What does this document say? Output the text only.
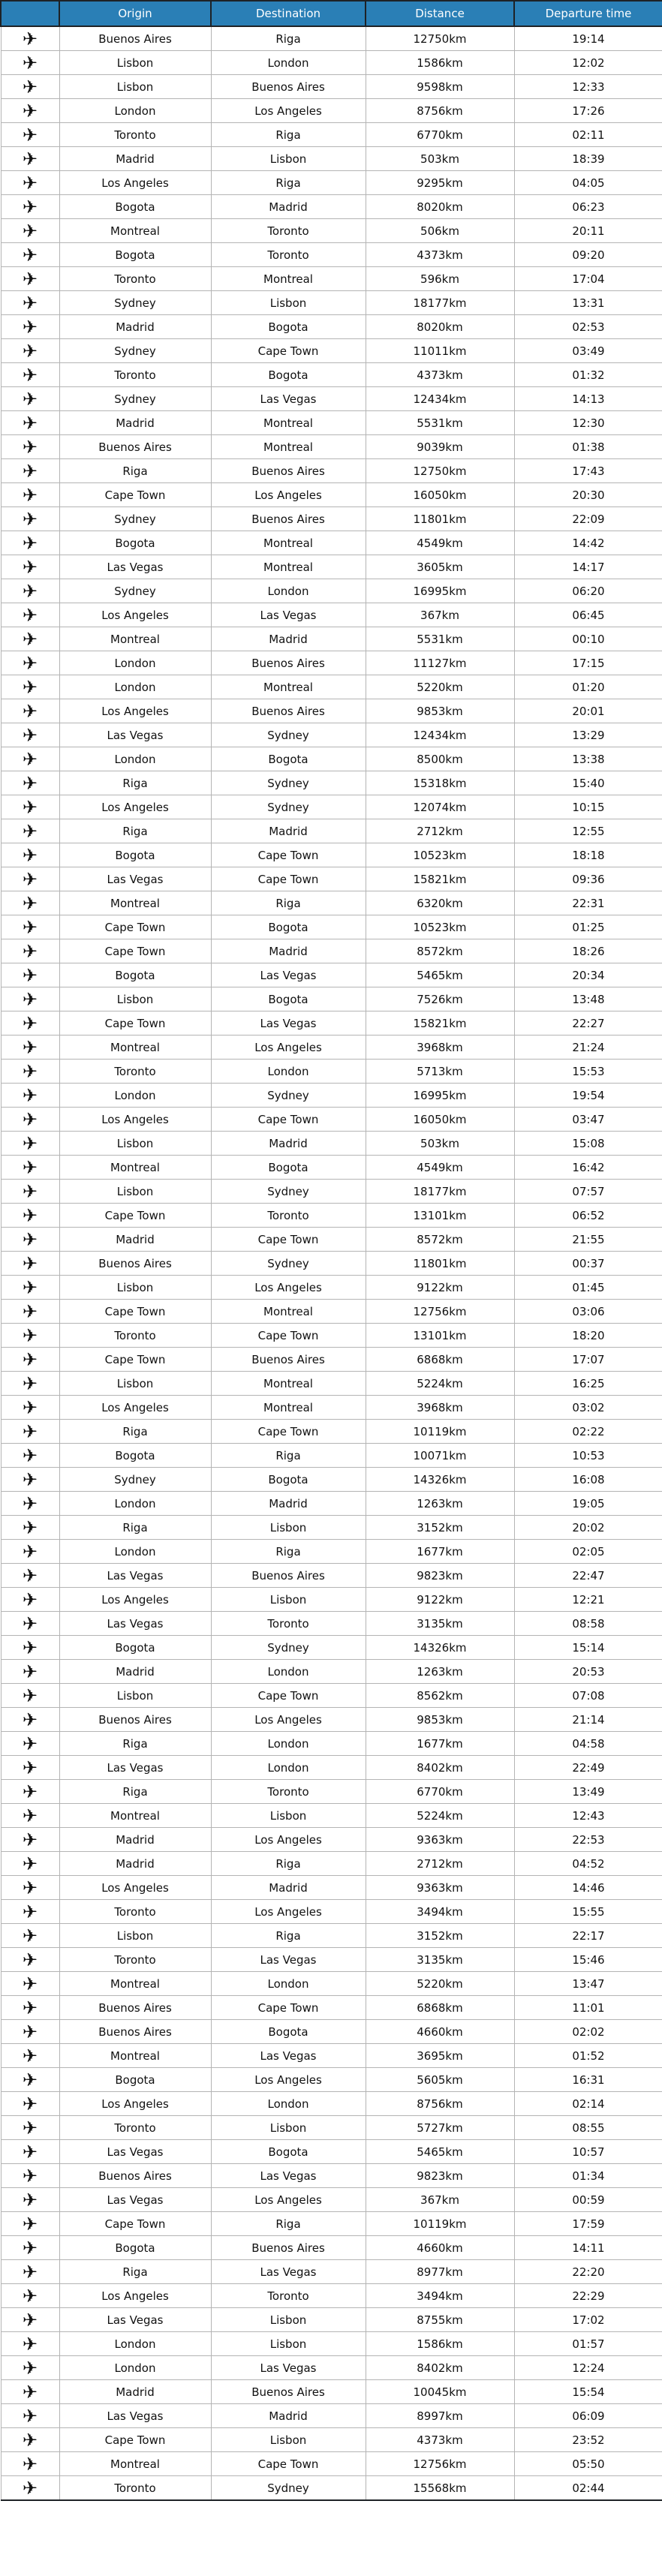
	Origin	Destination	Distance	Departure time
✈	Buenos Aires	Riga	12750km	19:14
✈	Lisbon	London	1586km	12:02
✈	Lisbon	Buenos Aires	9598km	12:33
✈	London	Los Angeles	8756km	17:26
✈	Toronto	Riga	6770km	02:11
✈	Madrid	Lisbon	503km	18:39
✈	Los Angeles	Riga	9295km	04:05
✈	Bogota	Madrid	8020km	06:23
✈	Montreal	Toronto	506km	20:11
✈	Bogota	Toronto	4373km	09:20
✈	Toronto	Montreal	596km	17:04
✈	Sydney	Lisbon	18177km	13:31
✈	Madrid	Bogota	8020km	02:53
✈	Sydney	Cape Town	11011km	03:49
✈	Toronto	Bogota	4373km	01:32
✈	Sydney	Las Vegas	12434km	14:13
✈	Madrid	Montreal	5531km	12:30
✈	Buenos Aires	Montreal	9039km	01:38
✈	Riga	Buenos Aires	12750km	17:43
✈	Cape Town	Los Angeles	16050km	20:30
✈	Sydney	Buenos Aires	11801km	22:09
✈	Bogota	Montreal	4549km	14:42
✈	Las Vegas	Montreal	3605km	14:17
✈	Sydney	London	16995km	06:20
✈	Los Angeles	Las Vegas	367km	06:45
✈	Montreal	Madrid	5531km	00:10
✈	London	Buenos Aires	11127km	17:15
✈	London	Montreal	5220km	01:20
✈	Los Angeles	Buenos Aires	9853km	20:01
✈	Las Vegas	Sydney	12434km	13:29
✈	London	Bogota	8500km	13:38
✈	Riga	Sydney	15318km	15:40
✈	Los Angeles	Sydney	12074km	10:15
✈	Riga	Madrid	2712km	12:55
✈	Bogota	Cape Town	10523km	18:18
✈	Las Vegas	Cape Town	15821km	09:36
✈	Montreal	Riga	6320km	22:31
✈	Cape Town	Bogota	10523km	01:25
✈	Cape Town	Madrid	8572km	18:26
✈	Bogota	Las Vegas	5465km	20:34
✈	Lisbon	Bogota	7526km	13:48
✈	Cape Town	Las Vegas	15821km	22:27
✈	Montreal	Los Angeles	3968km	21:24
✈	Toronto	London	5713km	15:53
✈	London	Sydney	16995km	19:54
✈	Los Angeles	Cape Town	16050km	03:47
✈	Lisbon	Madrid	503km	15:08
✈	Montreal	Bogota	4549km	16:42
✈	Lisbon	Sydney	18177km	07:57
✈	Cape Town	Toronto	13101km	06:52
✈	Madrid	Cape Town	8572km	21:55
✈	Buenos Aires	Sydney	11801km	00:37
✈	Lisbon	Los Angeles	9122km	01:45
✈	Cape Town	Montreal	12756km	03:06
✈	Toronto	Cape Town	13101km	18:20
✈	Cape Town	Buenos Aires	6868km	17:07
✈	Lisbon	Montreal	5224km	16:25
✈	Los Angeles	Montreal	3968km	03:02
✈	Riga	Cape Town	10119km	02:22
✈	Bogota	Riga	10071km	10:53
✈	Sydney	Bogota	14326km	16:08
✈	London	Madrid	1263km	19:05
✈	Riga	Lisbon	3152km	20:02
✈	London	Riga	1677km	02:05
✈	Las Vegas	Buenos Aires	9823km	22:47
✈	Los Angeles	Lisbon	9122km	12:21
✈	Las Vegas	Toronto	3135km	08:58
✈	Bogota	Sydney	14326km	15:14
✈	Madrid	London	1263km	20:53
✈	Lisbon	Cape Town	8562km	07:08
✈	Buenos Aires	Los Angeles	9853km	21:14
✈	Riga	London	1677km	04:58
✈	Las Vegas	London	8402km	22:49
✈	Riga	Toronto	6770km	13:49
✈	Montreal	Lisbon	5224km	12:43
✈	Madrid	Los Angeles	9363km	22:53
✈	Madrid	Riga	2712km	04:52
✈	Los Angeles	Madrid	9363km	14:46
✈	Toronto	Los Angeles	3494km	15:55
✈	Lisbon	Riga	3152km	22:17
✈	Toronto	Las Vegas	3135km	15:46
✈	Montreal	London	5220km	13:47
✈	Buenos Aires	Cape Town	6868km	11:01
✈	Buenos Aires	Bogota	4660km	02:02
✈	Montreal	Las Vegas	3695km	01:52
✈	Bogota	Los Angeles	5605km	16:31
✈	Los Angeles	London	8756km	02:14
✈	Toronto	Lisbon	5727km	08:55
✈	Las Vegas	Bogota	5465km	10:57
✈	Buenos Aires	Las Vegas	9823km	01:34
✈	Las Vegas	Los Angeles	367km	00:59
✈	Cape Town	Riga	10119km	17:59
✈	Bogota	Buenos Aires	4660km	14:11
✈	Riga	Las Vegas	8977km	22:20
✈	Los Angeles	Toronto	3494km	22:29
✈	Las Vegas	Lisbon	8755km	17:02
✈	London	Lisbon	1586km	01:57
✈	London	Las Vegas	8402km	12:24
✈	Madrid	Buenos Aires	10045km	15:54
✈	Las Vegas	Madrid	8997km	06:09
✈	Cape Town	Lisbon	4373km	23:52
✈	Montreal	Cape Town	12756km	05:50
✈	Toronto	Sydney	15568km	02:44
